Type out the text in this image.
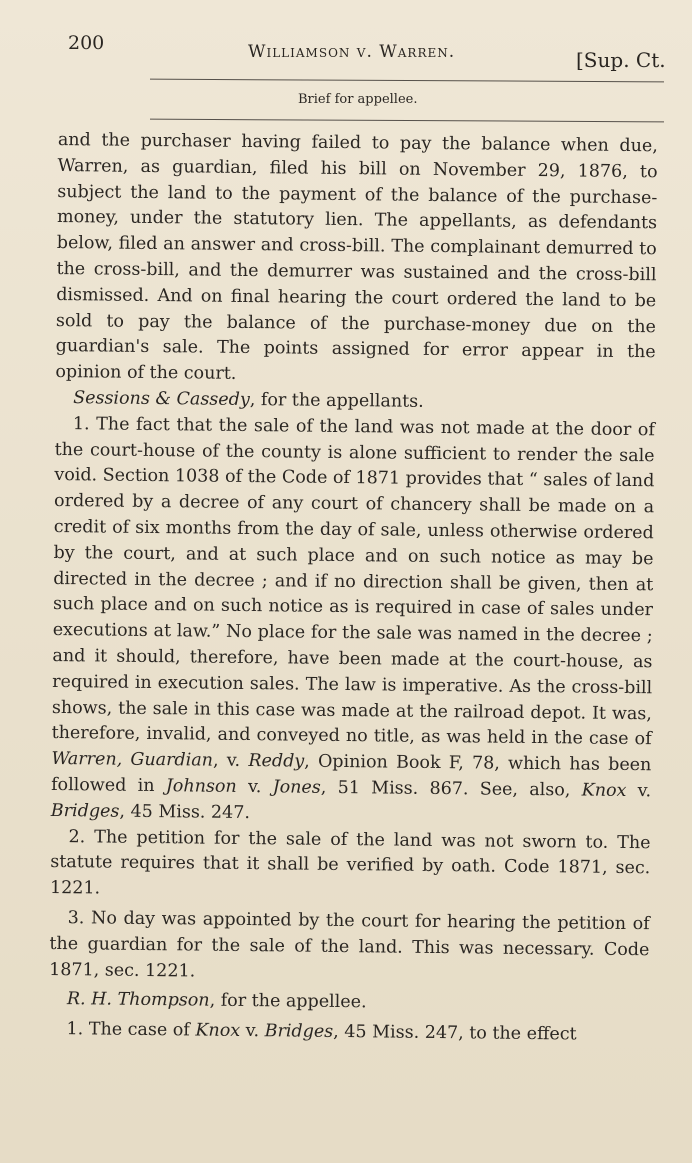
200	Williamson v. Warren.	[Sup. Ct.
Brief for appellee.

and the purchaser having failed to pay the balance when due, Warren, as guardian, filed his bill on November 29, 1876, to subject the land to the payment of the balance of the purchase-money, under the statutory lien. The appellants, as defendants below, filed an answer and cross-bill. The complainant demurred to the cross-bill, and the demurrer was sustained and the cross-bill dismissed. And on final hearing the court ordered the land to be sold to pay the balance of the purchase-money due on the guardian's sale. The points assigned for error appear in the opinion of the court.

Sessions & Cassedy, for the appellants.

1. The fact that the sale of the land was not made at the door of the court-house of the county is alone sufficient to render the sale void. Section 1038 of the Code of 1871 provides that “ sales of land ordered by a decree of any court of chancery shall be made on a credit of six months from the day of sale, unless otherwise ordered by the court, and at such place and on such notice as may be directed in the decree ; and if no direction shall be given, then at such place and on such notice as is required in case of sales under executions at law.” No place for the sale was named in the decree ; and it should, therefore, have been made at the court-house, as required in execution sales. The law is imperative. As the cross-bill shows, the sale in this case was made at the railroad depot. It was, therefore, invalid, and conveyed no title, as was held in the case of Warren, Guardian, v. Reddy, Opinion Book F, 78, which has been followed in Johnson v. Jones, 51 Miss. 867. See, also, Knox v. Bridges, 45 Miss. 247.

2. The petition for the sale of the land was not sworn to. The statute requires that it shall be verified by oath. Code 1871, sec. 1221.

3. No day was appointed by the court for hearing the petition of the guardian for the sale of the land. This was necessary. Code 1871, sec. 1221.

R. H. Thompson, for the appellee.

1. The case of Knox v. Bridges, 45 Miss. 247, to the effect
